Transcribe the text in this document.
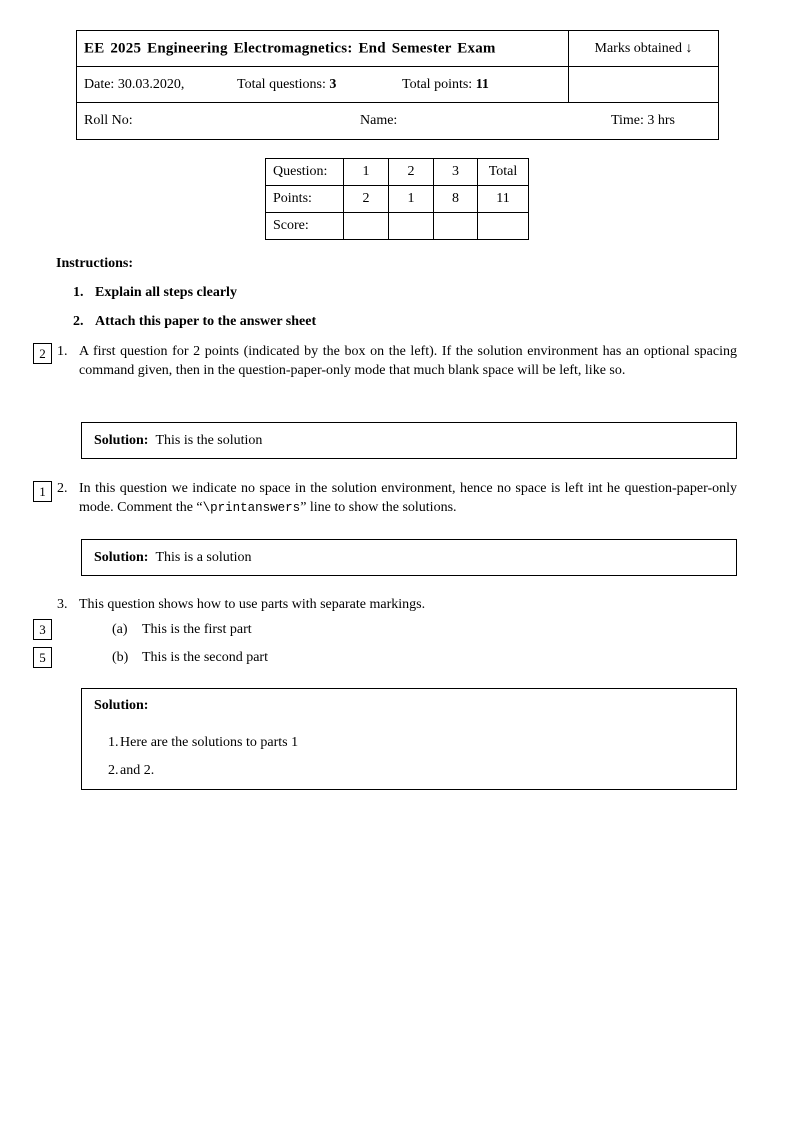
EE 2025 Engineering Electromagnetics: End Semester Exam	Marks obtained ↓
Date: 30.03.2020,	Total questions: 3	Total points: 11
Roll No:	Name:	Time: 3 hrs
Question:	1	2	3	Total
Points:	2	1	8	11
Score:				
Instructions:
1. Explain all steps clearly
2. Attach this paper to the answer sheet
2 1. A first question for 2 points (indicated by the box on the left). If the solution environment has an optional spacing command given, then in the question-paper-only mode that much blank space will be left, like so.
Solution: This is the solution
1 2. In this question we indicate no space in the solution environment, hence no space is left int he question-paper-only mode. Comment the “\printanswers” line to show the solutions.
Solution: This is a solution
3. This question shows how to use parts with separate markings.
3	(a) This is the first part
5	(b) This is the second part
Solution:
1. Here are the solutions to parts 1
2. and 2.
